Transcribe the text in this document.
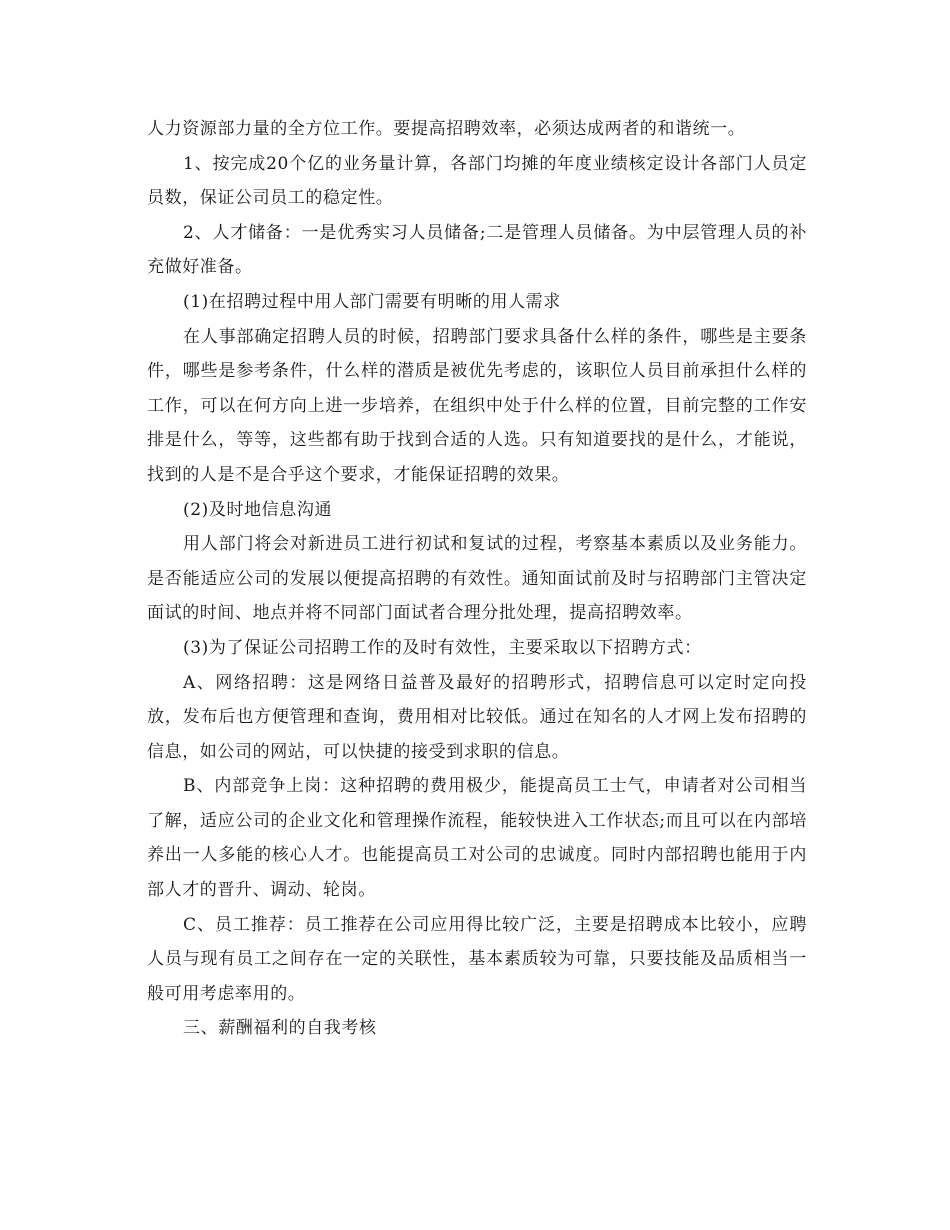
人力资源部力量的全方位工作。要提高招聘效率，必须达成两者的和谐统一。

1、按完成20个亿的业务量计算，各部门均摊的年度业绩核定设计各部门人员定员数，保证公司员工的稳定性。

2、人才储备：一是优秀实习人员储备;二是管理人员储备。为中层管理人员的补充做好准备。

(1)在招聘过程中用人部门需要有明晰的用人需求

在人事部确定招聘人员的时候，招聘部门要求具备什么样的条件，哪些是主要条件，哪些是参考条件，什么样的潜质是被优先考虑的，该职位人员目前承担什么样的工作，可以在何方向上进一步培养，在组织中处于什么样的位置，目前完整的工作安排是什么，等等，这些都有助于找到合适的人选。只有知道要找的是什么，才能说，找到的人是不是合乎这个要求，才能保证招聘的效果。

(2)及时地信息沟通

用人部门将会对新进员工进行初试和复试的过程，考察基本素质以及业务能力。是否能适应公司的发展以便提高招聘的有效性。通知面试前及时与招聘部门主管决定面试的时间、地点并将不同部门面试者合理分批处理，提高招聘效率。

(3)为了保证公司招聘工作的及时有效性，主要采取以下招聘方式：

A、网络招聘：这是网络日益普及最好的招聘形式，招聘信息可以定时定向投放，发布后也方便管理和查询，费用相对比较低。通过在知名的人才网上发布招聘的信息，如公司的网站，可以快捷的接受到求职的信息。

B、内部竞争上岗：这种招聘的费用极少，能提高员工士气，申请者对公司相当了解，适应公司的企业文化和管理操作流程，能较快进入工作状态;而且可以在内部培养出一人多能的核心人才。也能提高员工对公司的忠诚度。同时内部招聘也能用于内部人才的晋升、调动、轮岗。

C、员工推荐：员工推荐在公司应用得比较广泛，主要是招聘成本比较小，应聘人员与现有员工之间存在一定的关联性，基本素质较为可靠，只要技能及品质相当一般可用考虑率用的。

三、薪酬福利的自我考核
